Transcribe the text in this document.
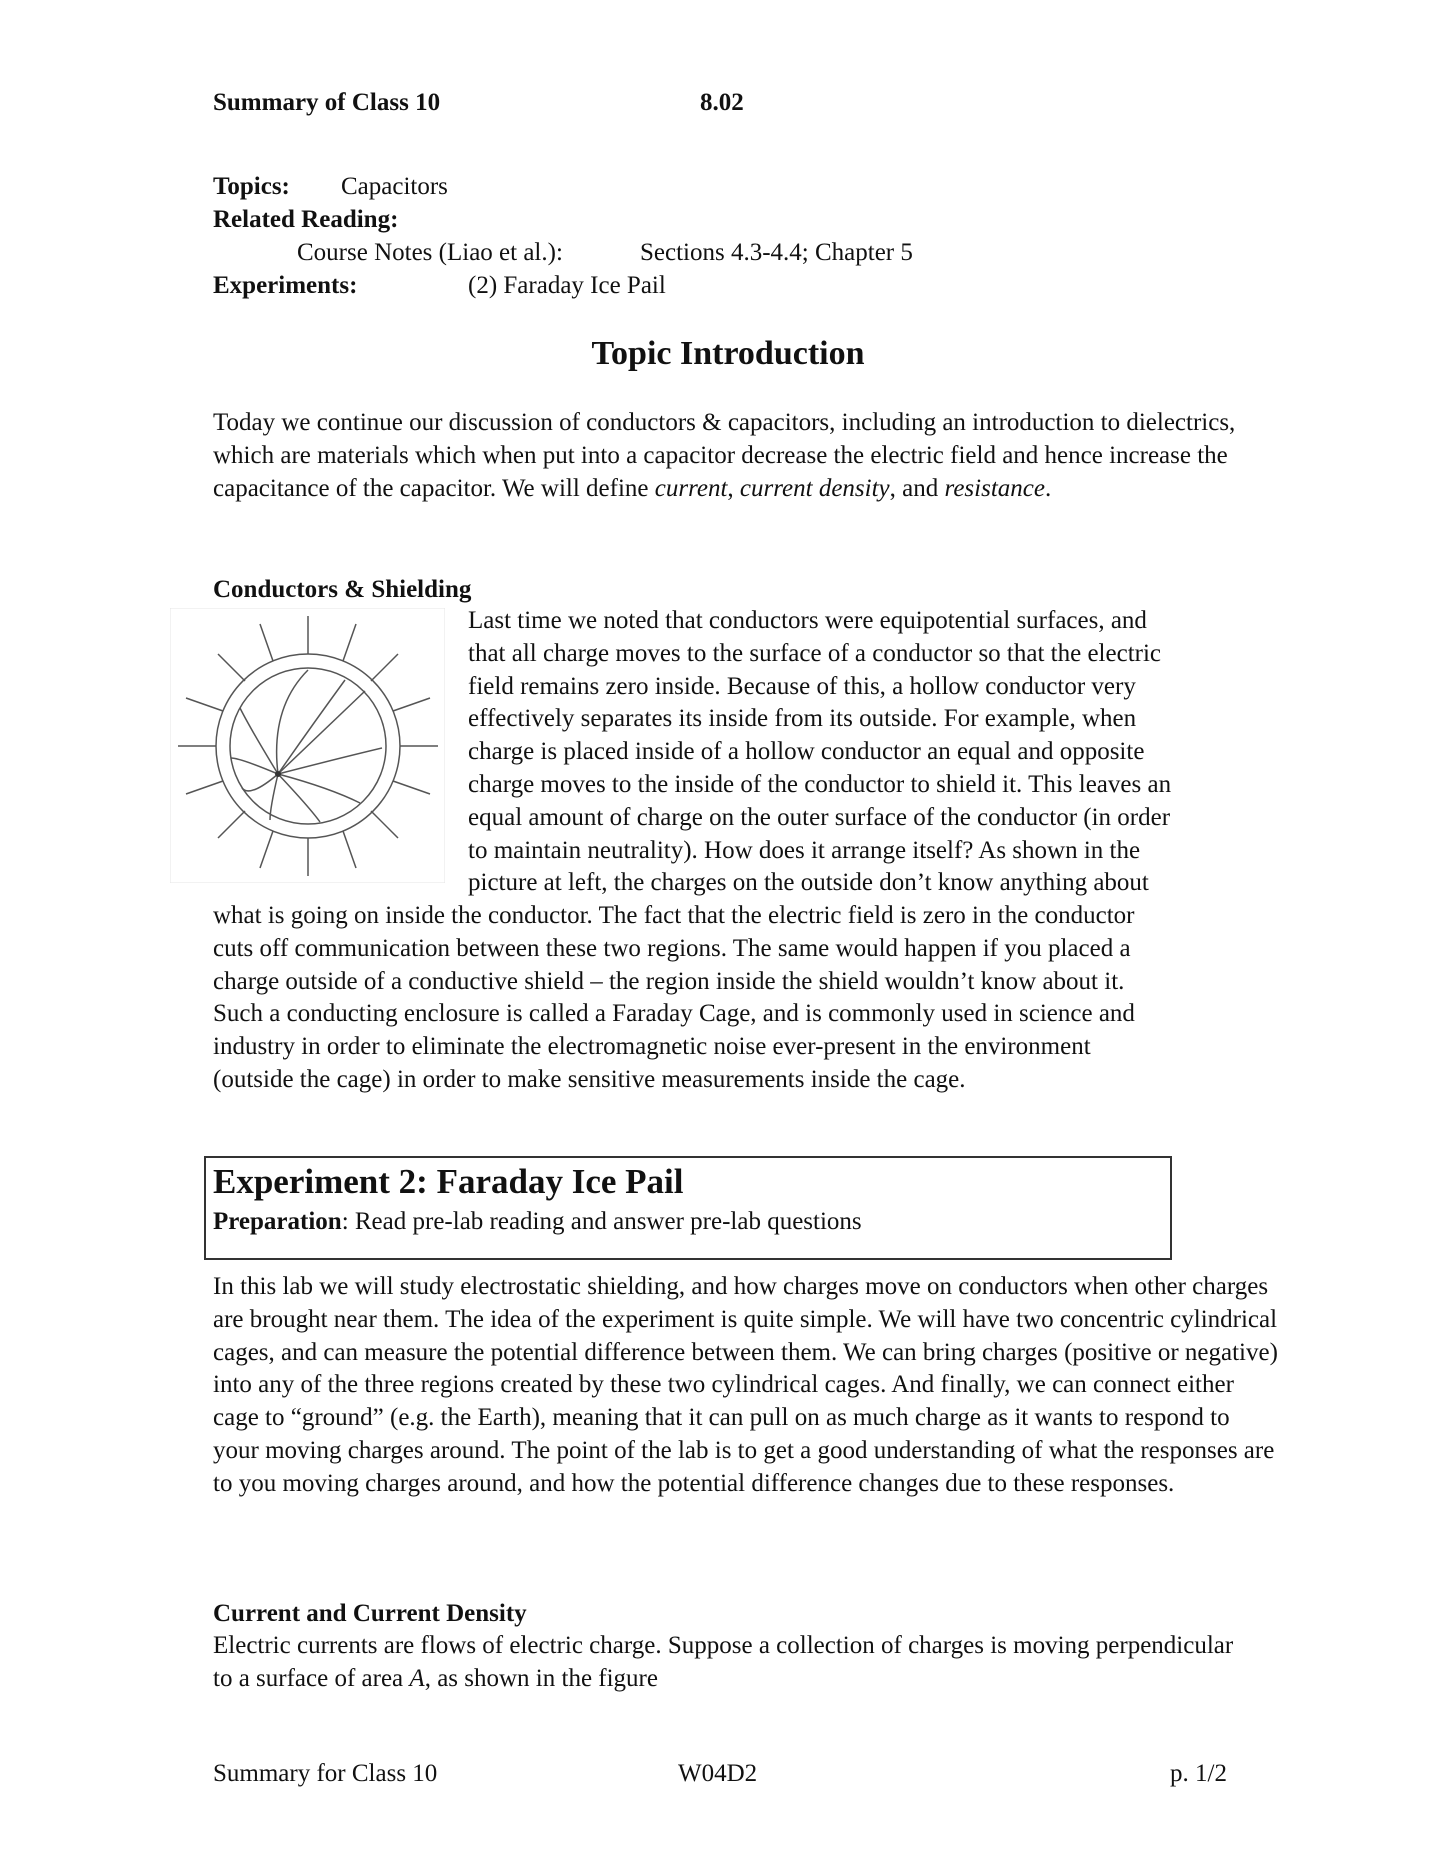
Summary of Class 10	8.02
Topics: Capacitors
Related Reading:
Course Notes (Liao et al.):	Sections 4.3-4.4; Chapter 5
Experiments:	(2) Faraday Ice Pail
Topic Introduction
Today we continue our discussion of conductors & capacitors, including an introduction to dielectrics, which are materials which when put into a capacitor decrease the electric field and hence increase the capacitance of the capacitor. We will define current, current density, and resistance.
Conductors & Shielding
Last time we noted that conductors were equipotential surfaces, and
that all charge moves to the surface of a conductor so that the electric
field remains zero inside. Because of this, a hollow conductor very
effectively separates its inside from its outside. For example, when
charge is placed inside of a hollow conductor an equal and opposite
charge moves to the inside of the conductor to shield it. This leaves an
equal amount of charge on the outer surface of the conductor (in order
to maintain neutrality). How does it arrange itself? As shown in the
picture at left, the charges on the outside don’t know anything about
what is going on inside the conductor. The fact that the electric field is zero in the conductor
cuts off communication between these two regions. The same would happen if you placed a
charge outside of a conductive shield – the region inside the shield wouldn’t know about it.
Such a conducting enclosure is called a Faraday Cage, and is commonly used in science and
industry in order to eliminate the electromagnetic noise ever-present in the environment
(outside the cage) in order to make sensitive measurements inside the cage.
Experiment 2: Faraday Ice Pail
Preparation: Read pre-lab reading and answer pre-lab questions
In this lab we will study electrostatic shielding, and how charges move on conductors when other charges are brought near them. The idea of the experiment is quite simple. We will have two concentric cylindrical cages, and can measure the potential difference between them. We can bring charges (positive or negative) into any of the three regions created by these two cylindrical cages. And finally, we can connect either cage to “ground” (e.g. the Earth), meaning that it can pull on as much charge as it wants to respond to your moving charges around. The point of the lab is to get a good understanding of what the responses are to you moving charges around, and how the potential difference changes due to these responses.
Current and Current Density
Electric currents are flows of electric charge. Suppose a collection of charges is moving perpendicular to a surface of area A, as shown in the figure
Summary for Class 10	W04D2	p. 1/2
